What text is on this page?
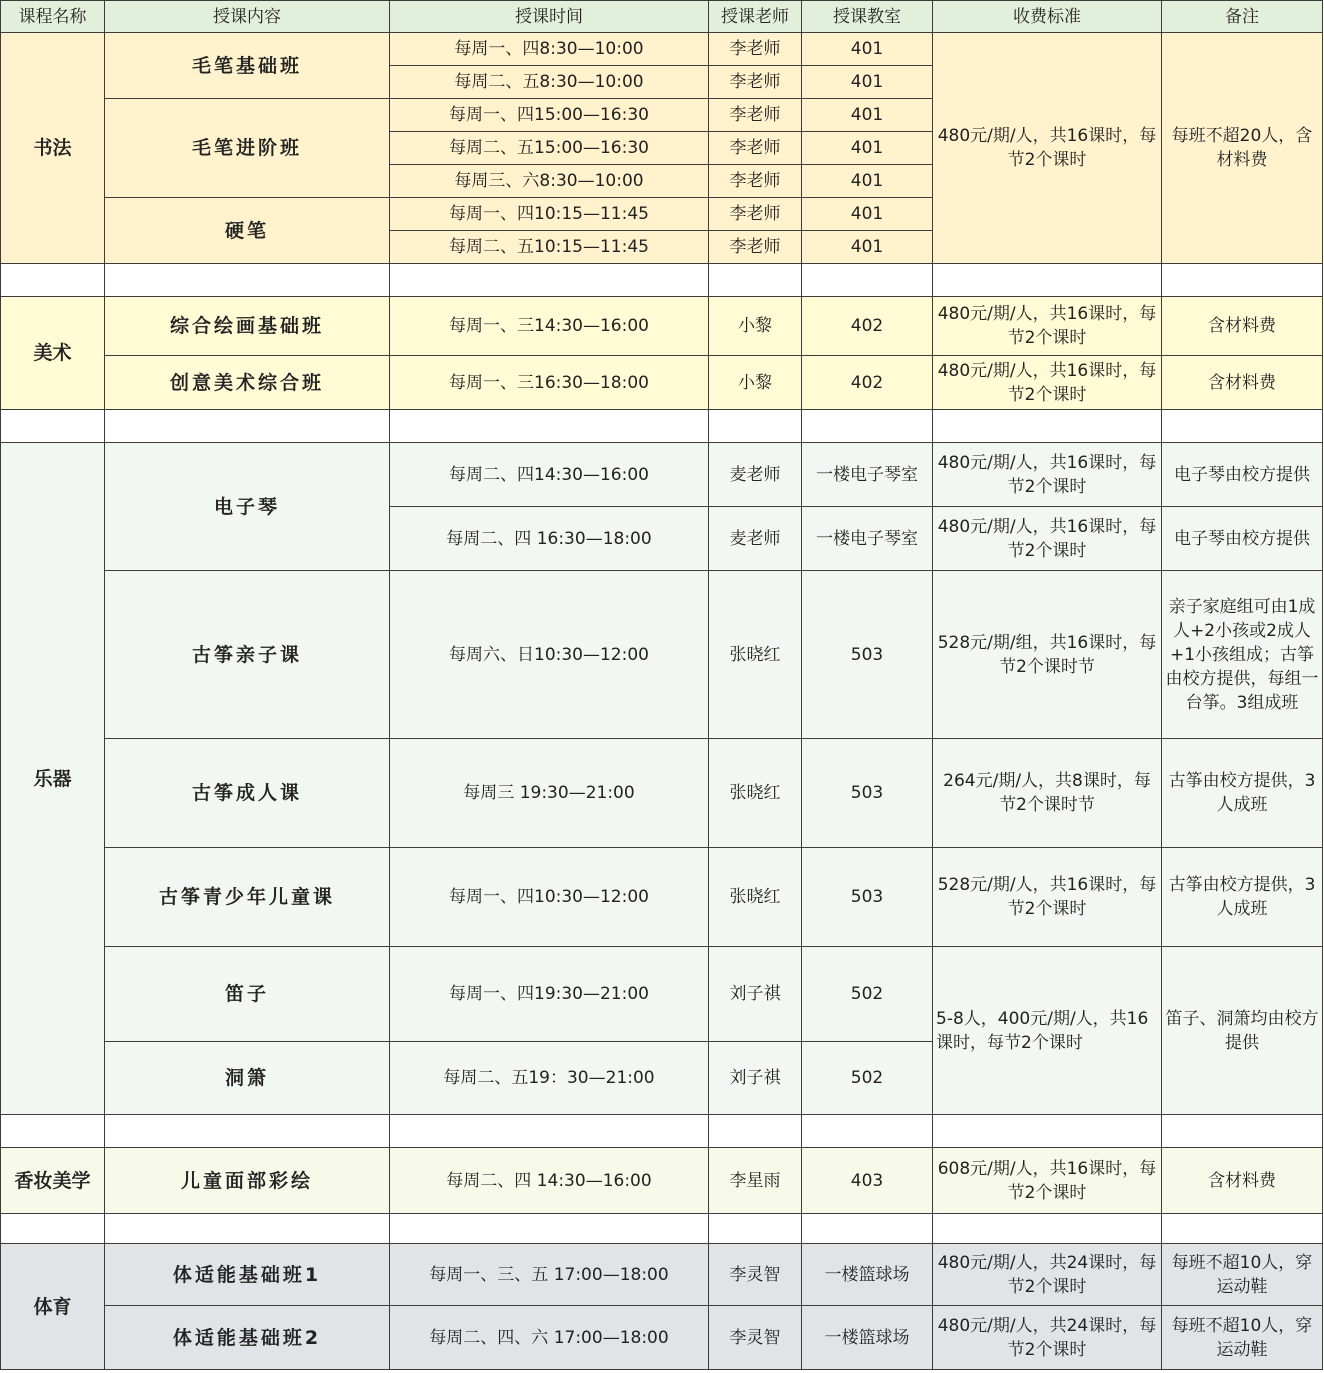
课程名称	授课内容	授课时间	授课老师	授课教室	收费标准	备注
书法	毛笔基础班	每周一、四8:30—10:00	李老师	401	480元/期/人，共16课时，每节2个课时	每班不超20人，含材料费
		每周二、五8:30—10:00	李老师	401		
	毛笔进阶班	每周一、四15:00—16:30	李老师	401		
		每周二、五15:00—16:30	李老师	401		
		每周三、六8:30—10:00	李老师	401		
	硬笔	每周一、四10:15—11:45	李老师	401		
		每周二、五10:15—11:45	李老师	401		

美术	综合绘画基础班	每周一、三14:30—16:00	小黎	402	480元/期/人，共16课时，每节2个课时	含材料费
	创意美术综合班	每周一、三16:30—18:00	小黎	402	480元/期/人，共16课时，每节2个课时	含材料费

乐器	电子琴	每周二、四14:30—16:00	麦老师	一楼电子琴室	480元/期/人，共16课时，每节2个课时	电子琴由校方提供
		每周二、四 16:30—18:00	麦老师	一楼电子琴室	480元/期/人，共16课时，每节2个课时	电子琴由校方提供
	古筝亲子课	每周六、日10:30—12:00	张晓红	503	528元/期/组，共16课时，每节2个课时节	亲子家庭组可由1成人+2小孩或2成人+1小孩组成；古筝由校方提供，每组一台筝。3组成班
	古筝成人课	每周三 19:30—21:00	张晓红	503	264元/期/人，共8课时，每节2个课时节	古筝由校方提供，3人成班
	古筝青少年儿童课	每周一、四10:30—12:00	张晓红	503	528元/期/人，共16课时，每节2个课时	古筝由校方提供，3人成班
	笛子	每周一、四19:30—21:00	刘子祺	502	5-8人，400元/期/人，共16课时，每节2个课时	笛子、洞箫均由校方提供
	洞箫	每周二、五19：30—21:00	刘子祺	502		

香妆美学	儿童面部彩绘	每周二、四 14:30—16:00	李星雨	403	608元/期/人，共16课时，每节2个课时	含材料费

体育	体适能基础班1	每周一、三、五 17:00—18:00	李灵智	一楼篮球场	480元/期/人，共24课时，每节2个课时	每班不超10人，穿运动鞋
	体适能基础班2	每周二、四、六 17:00—18:00	李灵智	一楼篮球场	480元/期/人，共24课时，每节2个课时	每班不超10人，穿运动鞋
